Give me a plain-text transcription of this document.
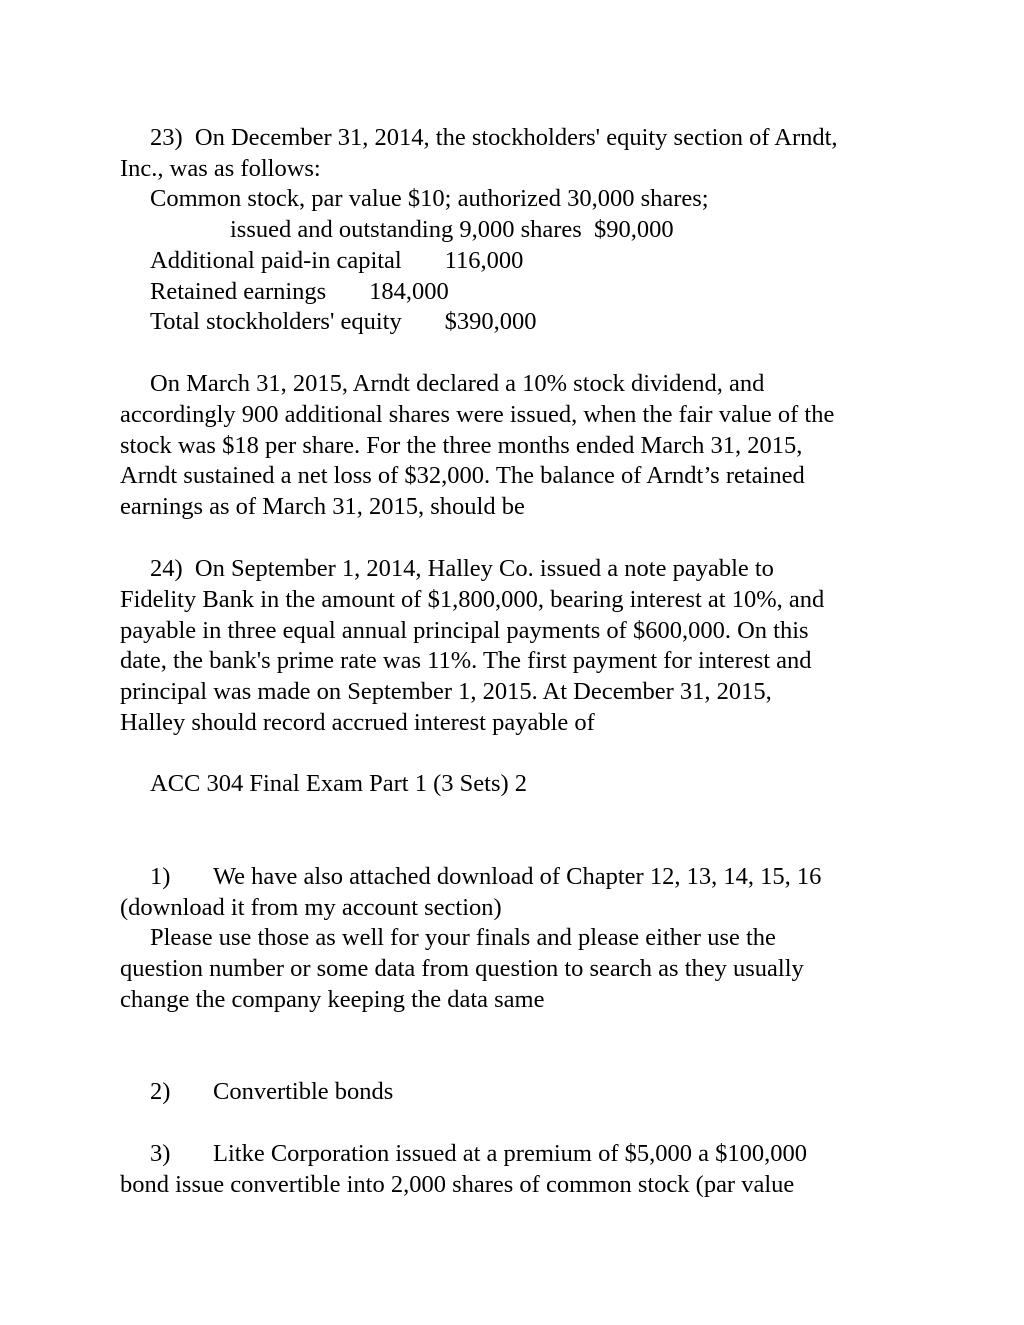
23)  On December 31, 2014, the stockholders' equity section of Arndt,
Inc., was as follows:
Common stock, par value $10; authorized 30,000 shares;
issued and outstanding 9,000 shares  $90,000
Additional paid-in capital       116,000
Retained earnings       184,000
Total stockholders' equity       $390,000
On March 31, 2015, Arndt declared a 10% stock dividend, and
accordingly 900 additional shares were issued, when the fair value of the
stock was $18 per share. For the three months ended March 31, 2015,
Arndt sustained a net loss of $32,000. The balance of Arndt’s retained
earnings as of March 31, 2015, should be
24)  On September 1, 2014, Halley Co. issued a note payable to
Fidelity Bank in the amount of $1,800,000, bearing interest at 10%, and
payable in three equal annual principal payments of $600,000. On this
date, the bank's prime rate was 11%. The first payment for interest and
principal was made on September 1, 2015. At December 31, 2015,
Halley should record accrued interest payable of
ACC 304 Final Exam Part 1 (3 Sets) 2
1) We have also attached download of Chapter 12, 13, 14, 15, 16
(download it from my account section)
Please use those as well for your finals and please either use the
question number or some data from question to search as they usually
change the company keeping the data same
2) Convertible bonds
3) Litke Corporation issued at a premium of $5,000 a $100,000
bond issue convertible into 2,000 shares of common stock (par value
